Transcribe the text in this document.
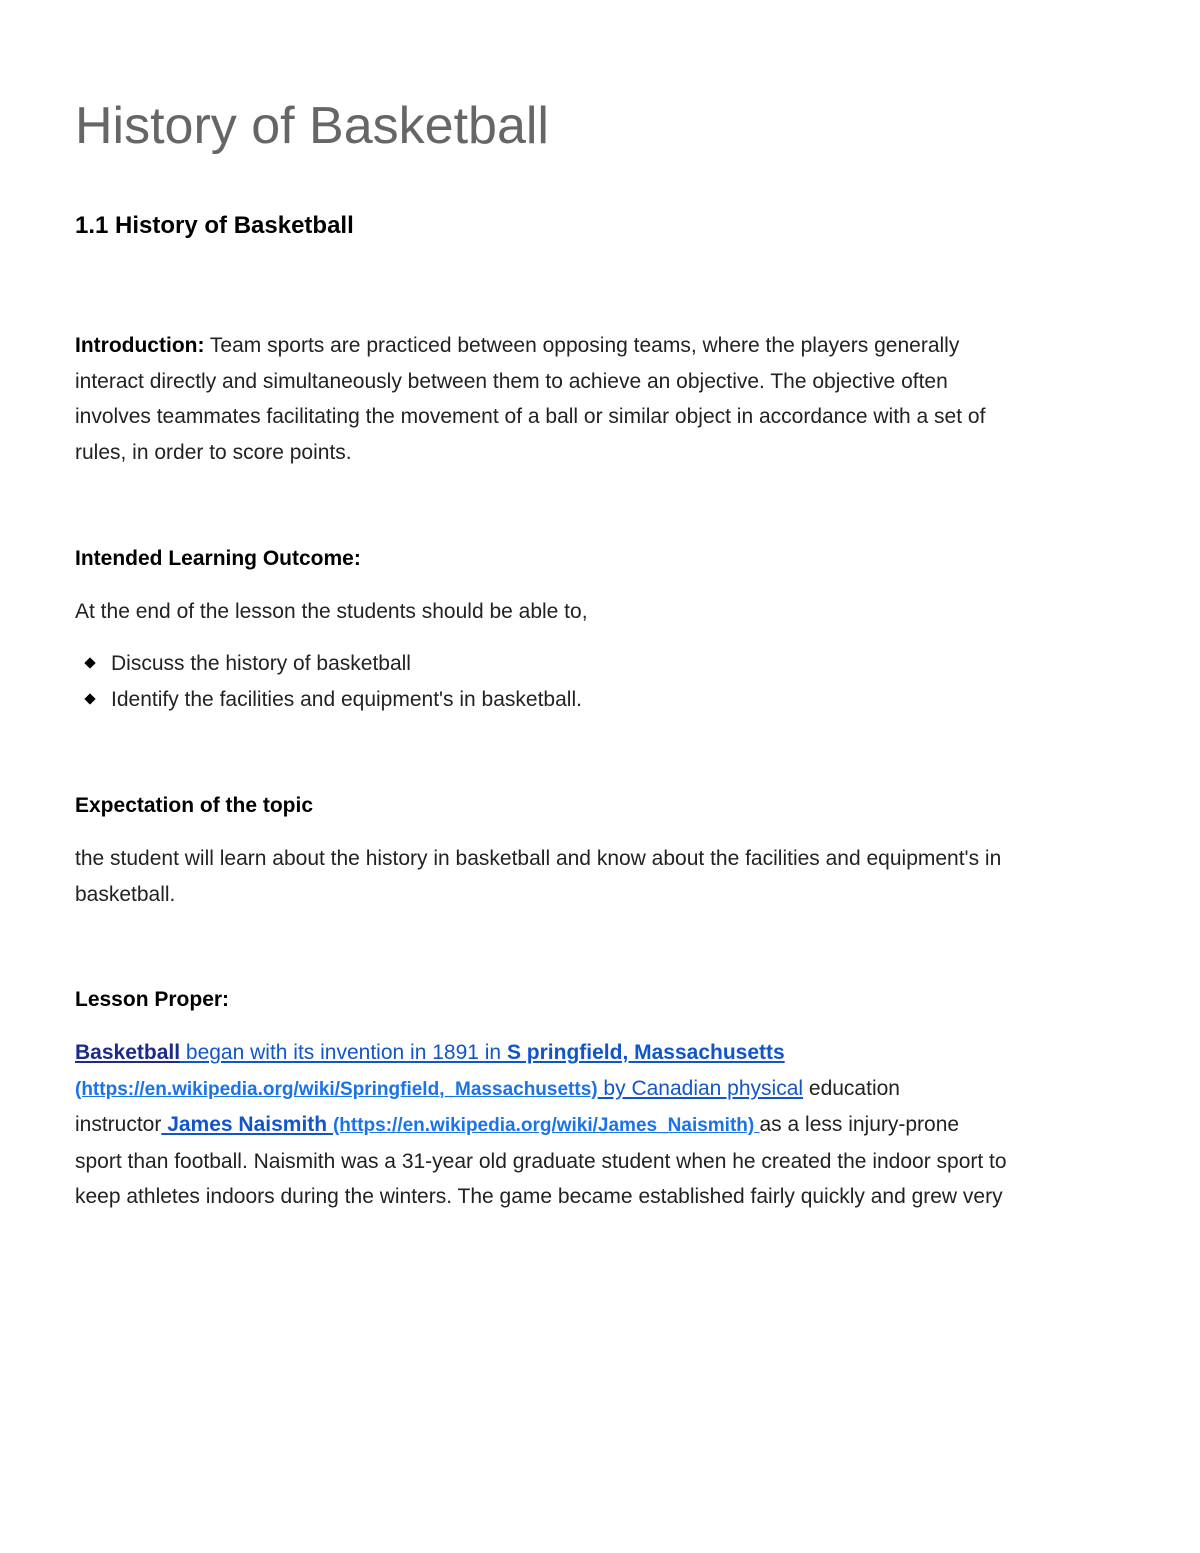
History of Basketball
1.1 History of Basketball

Introduction: Team sports are practiced between opposing teams, where the players generally
interact directly and simultaneously between them to achieve an objective. The objective often
involves teammates facilitating the movement of a ball or similar object in accordance with a set of
rules, in order to score points.

Intended Learning Outcome:

At the end of the lesson the students should be able to,

Discuss the history of basketball
Identify the facilities and equipment's in basketball.
Expectation of the topic

the student will learn about the history in basketball and know about the facilities and equipment's in
basketball.

Lesson Proper:

Basketball began with its invention in 1891 in S pringfield, Massachusetts
(https://en.wikipedia.org/wiki/Springfield,_Massachusetts) by Canadian physical education
instructor James Naismith (https://en.wikipedia.org/wiki/James_Naismith) as a less injury-prone
sport than football. Naismith was a 31-year old graduate student when he created the indoor sport to
keep athletes indoors during the winters. The game became established fairly quickly and grew very
